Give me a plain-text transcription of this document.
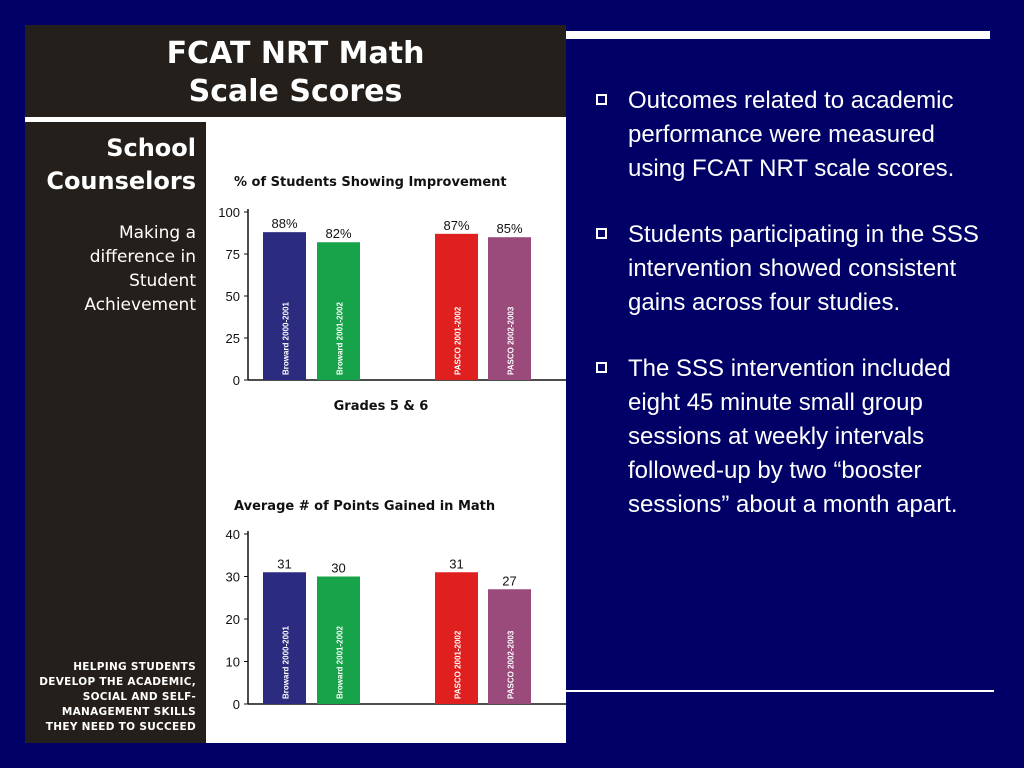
FCAT NRT Math
Scale Scores
School
Counselors
Making a
difference in
Student
Achievement
HELPING STUDENTS
DEVELOP THE ACADEMIC,
SOCIAL AND SELF-
MANAGEMENT SKILLS
THEY NEED TO SUCCEED
% of Students Showing Improvement
0
25
50
75
100
88%
Broward 2000-2001
82%
Broward 2001-2002
87%
PASCO 2001-2002
85%
PASCO 2002-2003
Grades 5 & 6
Average # of Points Gained in Math
0
10
20
30
40
31
Broward 2000-2001
30
Broward 2001-2002
31
PASCO 2001-2002
27
PASCO 2002-2003
Outcomes related to academic performance were measured using FCAT NRT scale scores.
Students participating in the SSS intervention showed consistent gains across four studies.
The SSS intervention included eight 45 minute small group sessions at weekly intervals followed-up by two “booster sessions” about a month apart.
